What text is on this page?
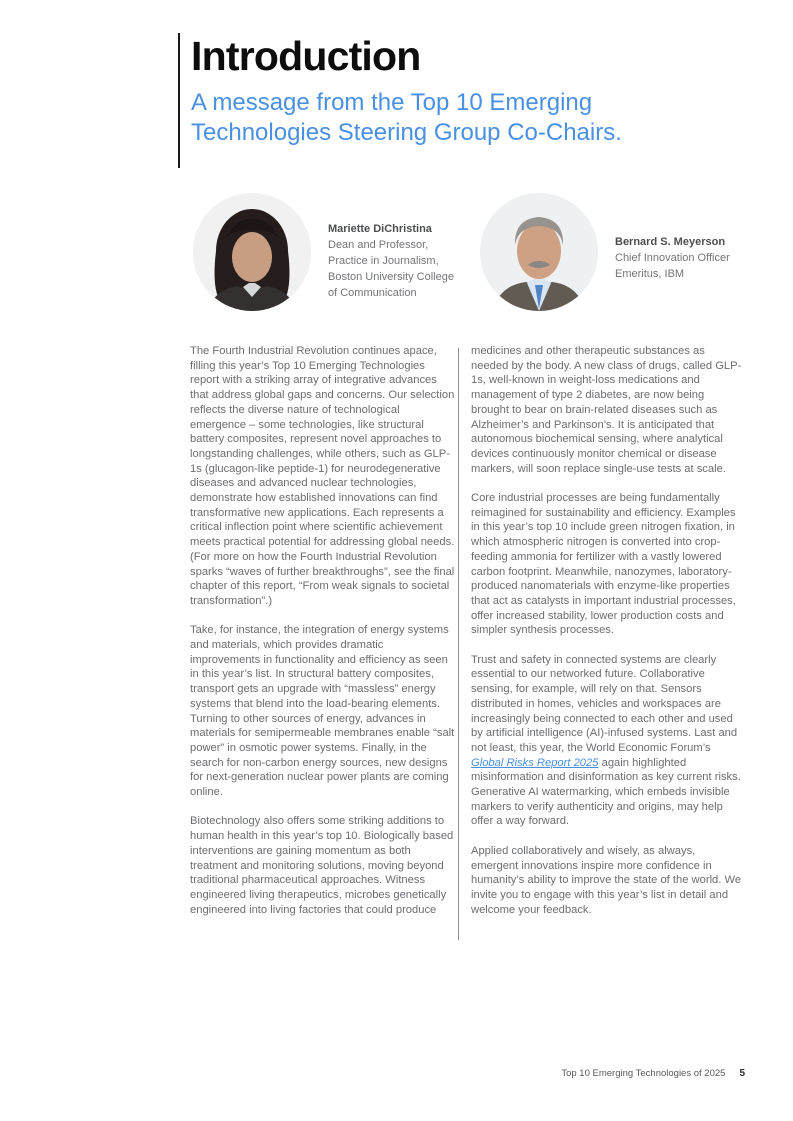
Introduction
A message from the Top 10 Emerging Technologies Steering Group Co-Chairs.
Mariette DiChristina
Dean and Professor,
Practice in Journalism,
Boston University College
of Communication
Bernard S. Meyerson
Chief Innovation Officer
Emeritus, IBM

The Fourth Industrial Revolution continues apace, filling this year’s Top 10 Emerging Technologies report with a striking array of integrative advances that address global gaps and concerns. Our selection reflects the diverse nature of technological emergence – some technologies, like structural battery composites, represent novel approaches to longstanding challenges, while others, such as GLP-1s (glucagon-like peptide-1) for neurodegenerative diseases and advanced nuclear technologies, demonstrate how established innovations can find transformative new applications. Each represents a critical inflection point where scientific achievement meets practical potential for addressing global needs. (For more on how the Fourth Industrial Revolution sparks “waves of further breakthroughs”, see the final chapter of this report, “From weak signals to societal transformation”.)

Take, for instance, the integration of energy systems and materials, which provides dramatic improvements in functionality and efficiency as seen in this year’s list. In structural battery composites, transport gets an upgrade with “massless” energy systems that blend into the load-bearing elements. Turning to other sources of energy, advances in materials for semipermeable membranes enable “salt power” in osmotic power systems. Finally, in the search for non-carbon energy sources, new designs for next-generation nuclear power plants are coming online.

Biotechnology also offers some striking additions to human health in this year’s top 10. Biologically based interventions are gaining momentum as both treatment and monitoring solutions, moving beyond traditional pharmaceutical approaches. Witness engineered living therapeutics, microbes genetically engineered into living factories that could produce

medicines and other therapeutic substances as needed by the body. A new class of drugs, called GLP-1s, well-known in weight-loss medications and management of type 2 diabetes, are now being brought to bear on brain-related diseases such as Alzheimer’s and Parkinson’s. It is anticipated that autonomous biochemical sensing, where analytical devices continuously monitor chemical or disease markers, will soon replace single-use tests at scale.

Core industrial processes are being fundamentally reimagined for sustainability and efficiency. Examples in this year’s top 10 include green nitrogen fixation, in which atmospheric nitrogen is converted into crop-feeding ammonia for fertilizer with a vastly lowered carbon footprint. Meanwhile, nanozymes, laboratory-produced nanomaterials with enzyme-like properties that act as catalysts in important industrial processes, offer increased stability, lower production costs and simpler synthesis processes.

Trust and safety in connected systems are clearly essential to our networked future. Collaborative sensing, for example, will rely on that. Sensors distributed in homes, vehicles and workspaces are increasingly being connected to each other and used by artificial intelligence (AI)-infused systems. Last and not least, this year, the World Economic Forum’s Global Risks Report 2025 again highlighted misinformation and disinformation as key current risks. Generative AI watermarking, which embeds invisible markers to verify authenticity and origins, may help offer a way forward.

Applied collaboratively and wisely, as always, emergent innovations inspire more confidence in humanity’s ability to improve the state of the world. We invite you to engage with this year’s list in detail and welcome your feedback.

Top 10 Emerging Technologies of 2025 5
